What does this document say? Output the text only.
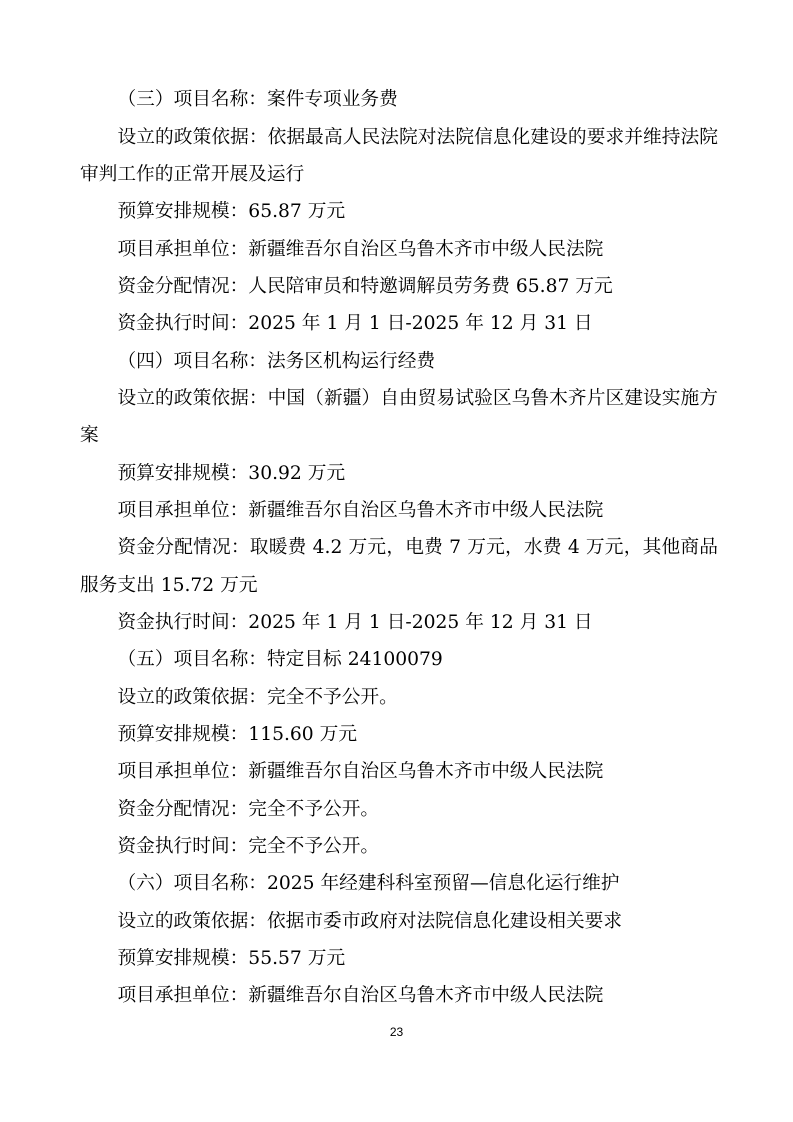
（三）项目名称：案件专项业务费
设立的政策依据：依据最高人民法院对法院信息化建设的要求并维持法院
审判工作的正常开展及运行
预算安排规模：65.87 万元
项目承担单位：新疆维吾尔自治区乌鲁木齐市中级人民法院
资金分配情况：人民陪审员和特邀调解员劳务费 65.87 万元
资金执行时间：2025 年 1 月 1 日-2025 年 12 月 31 日
（四）项目名称：法务区机构运行经费
设立的政策依据：中国（新疆）自由贸易试验区乌鲁木齐片区建设实施方
案
预算安排规模：30.92 万元
项目承担单位：新疆维吾尔自治区乌鲁木齐市中级人民法院
资金分配情况：取暖费 4.2 万元，电费 7 万元，水费 4 万元，其他商品
服务支出 15.72 万元
资金执行时间：2025 年 1 月 1 日-2025 年 12 月 31 日
（五）项目名称：特定目标 24100079
设立的政策依据：完全不予公开。
预算安排规模：115.60 万元
项目承担单位：新疆维吾尔自治区乌鲁木齐市中级人民法院
资金分配情况：完全不予公开。
资金执行时间：完全不予公开。
（六）项目名称：2025 年经建科科室预留—信息化运行维护
设立的政策依据：依据市委市政府对法院信息化建设相关要求
预算安排规模：55.57 万元
项目承担单位：新疆维吾尔自治区乌鲁木齐市中级人民法院
23
